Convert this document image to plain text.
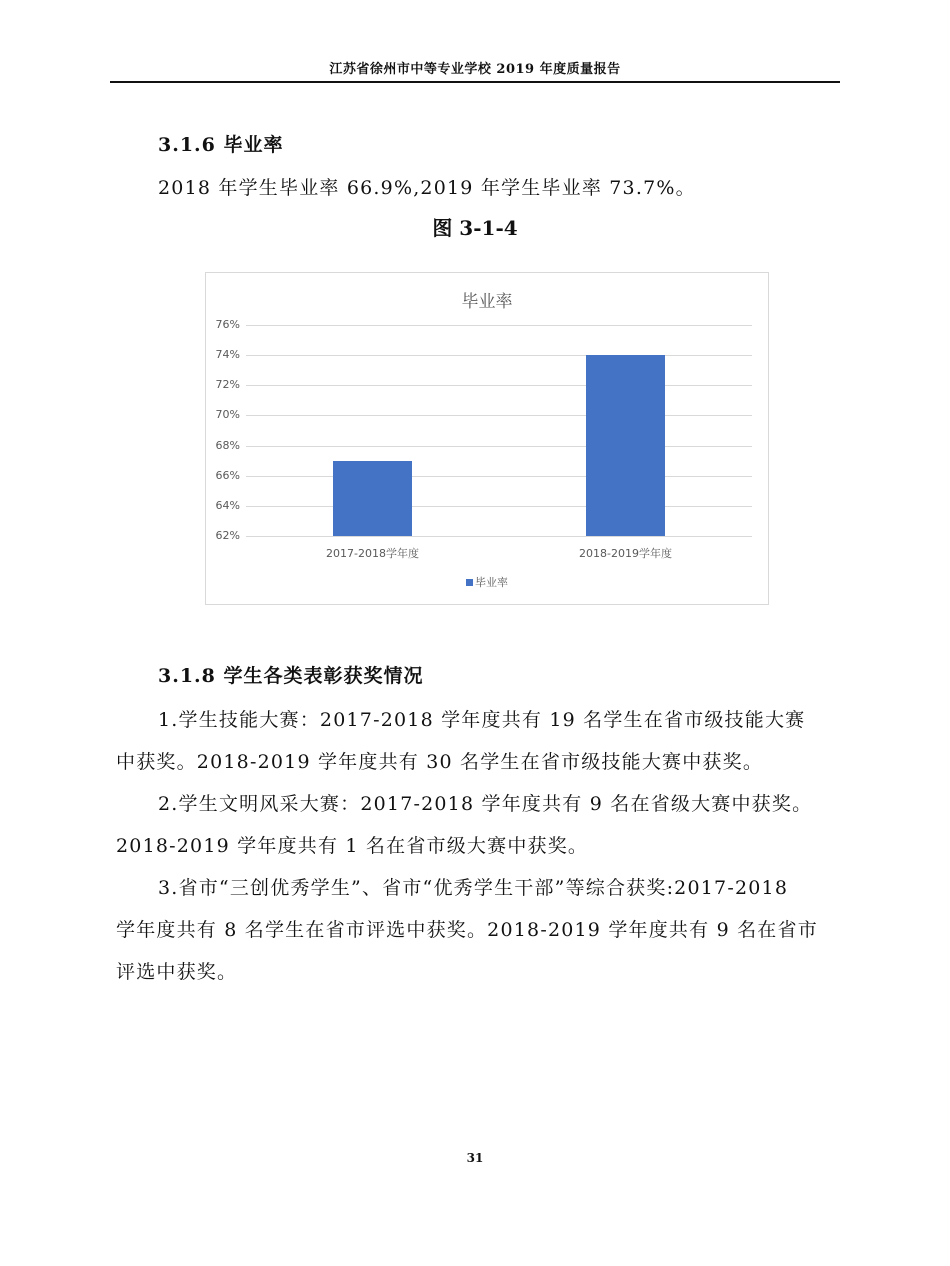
江苏省徐州市中等专业学校 2019 年度质量报告
3.1.6 毕业率
2018 年学生毕业率 66.9%,2019 年学生毕业率 73.7%。
图 3-1-4
毕业率
76%
74%
72%
70%
68%
66%
64%
62%
2017-2018学年度	2018-2019学年度
毕业率
3.1.8 学生各类表彰获奖情况
1.学生技能大赛：2017-2018 学年度共有 19 名学生在省市级技能大赛
中获奖。2018-2019 学年度共有 30 名学生在省市级技能大赛中获奖。
2.学生文明风采大赛：2017-2018 学年度共有 9 名在省级大赛中获奖。
2018-2019 学年度共有 1 名在省市级大赛中获奖。
3.省市“三创优秀学生”、省市“优秀学生干部”等综合获奖:2017-2018
学年度共有 8 名学生在省市评选中获奖。2018-2019 学年度共有 9 名在省市
评选中获奖。
31
